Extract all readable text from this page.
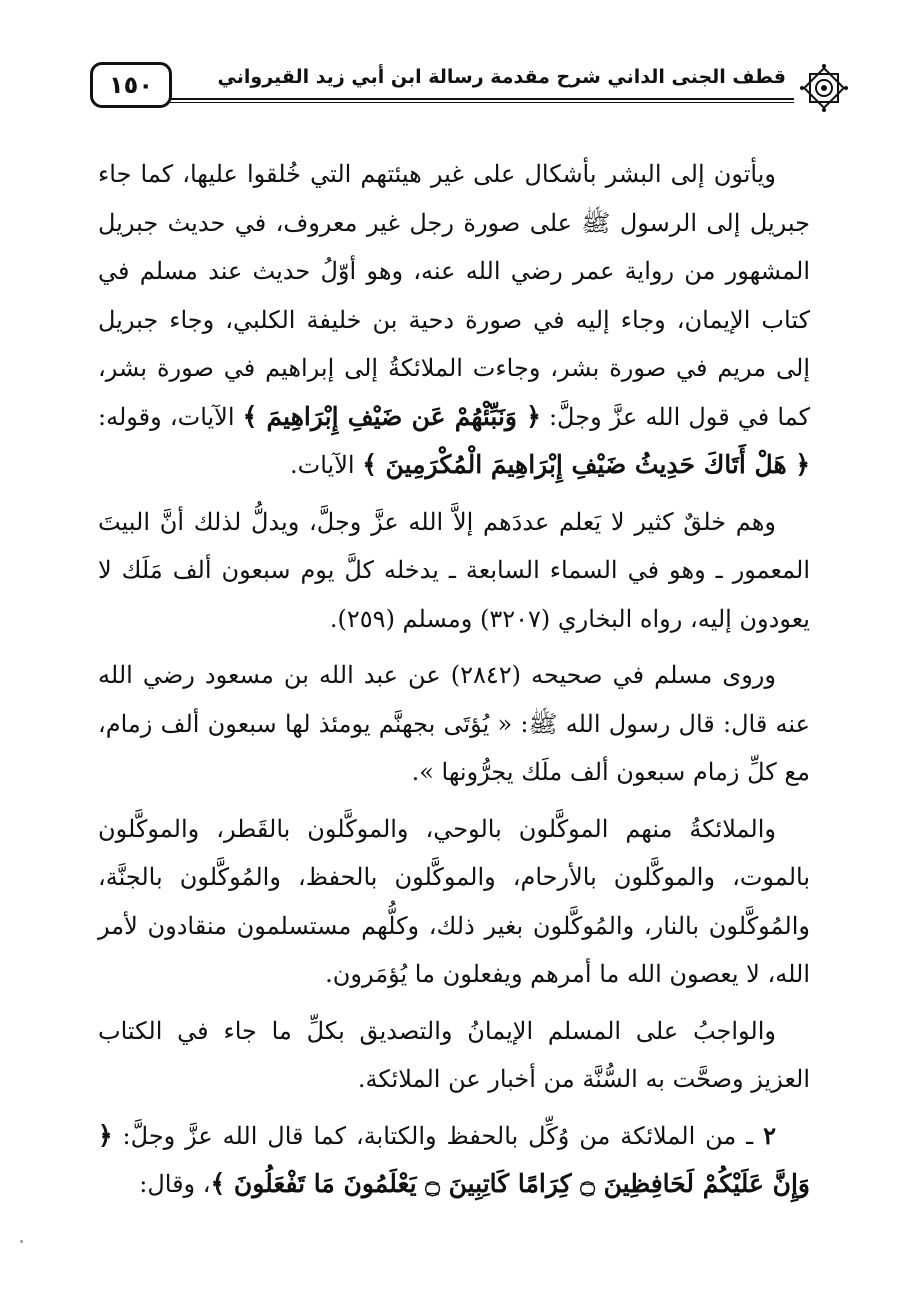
١٥٠	قطف الجنى الداني شرح مقدمة رسالة ابن أبي زيد القيرواني

ويأتون إلى البشر بأشكال على غير هيئتهم التي خُلقوا عليها، كما جاء جبريل إلى الرسول ﷺ على صورة رجل غير معروف، في حديث جبريل المشهور من رواية عمر رضي الله عنه، وهو أوّلُ حديث عند مسلم في كتاب الإيمان، وجاء إليه في صورة دحية بن خليفة الكلبي، وجاء جبريل إلى مريم في صورة بشر، وجاءت الملائكةُ إلى إبراهيم في صورة بشر، كما في قول الله عزَّ وجلَّ: ﴿ وَنَبِّئْهُمْ عَن ضَيْفِ إِبْرَاهِيمَ ﴾ الآيات، وقوله: ﴿ هَلْ أَتَاكَ حَدِيثُ ضَيْفِ إِبْرَاهِيمَ الْمُكْرَمِينَ ﴾ الآيات.

وهم خلقٌ كثير لا يَعلم عددَهم إلاَّ الله عزَّ وجلَّ، ويدلُّ لذلك أنَّ البيتَ المعمور ـ وهو في السماء السابعة ـ يدخله كلَّ يوم سبعون ألف مَلَك لا يعودون إليه، رواه البخاري (٣٢٠٧) ومسلم (٢٥٩).

وروى مسلم في صحيحه (٢٨٤٢) عن عبد الله بن مسعود رضي الله عنه قال: قال رسول الله ﷺ: « يُؤتَى بجهنَّم يومئذ لها سبعون ألف زمام، مع كلِّ زمام سبعون ألف ملَك يجرُّونها ».

والملائكةُ منهم الموكَّلون بالوحي، والموكَّلون بالقَطر، والموكَّلون بالموت، والموكَّلون بالأرحام، والموكَّلون بالحفظ، والمُوكَّلون بالجنَّة، والمُوكَّلون بالنار، والمُوكَّلون بغير ذلك، وكلُّهم مستسلمون منقادون لأمر الله، لا يعصون الله ما أمرهم ويفعلون ما يُؤمَرون.

والواجبُ على المسلم الإيمانُ والتصديق بكلِّ ما جاء في الكتاب العزيز وصحَّت به السُّنَّة من أخبار عن الملائكة.

٢ ـ من الملائكة من وُكِّل بالحفظ والكتابة، كما قال الله عزَّ وجلَّ: ﴿ وَإِنَّ عَلَيْكُمْ لَحَافِظِينَ ۝ كِرَامًا كَاتِبِينَ ۝ يَعْلَمُونَ مَا تَفْعَلُونَ ﴾، وقال:
